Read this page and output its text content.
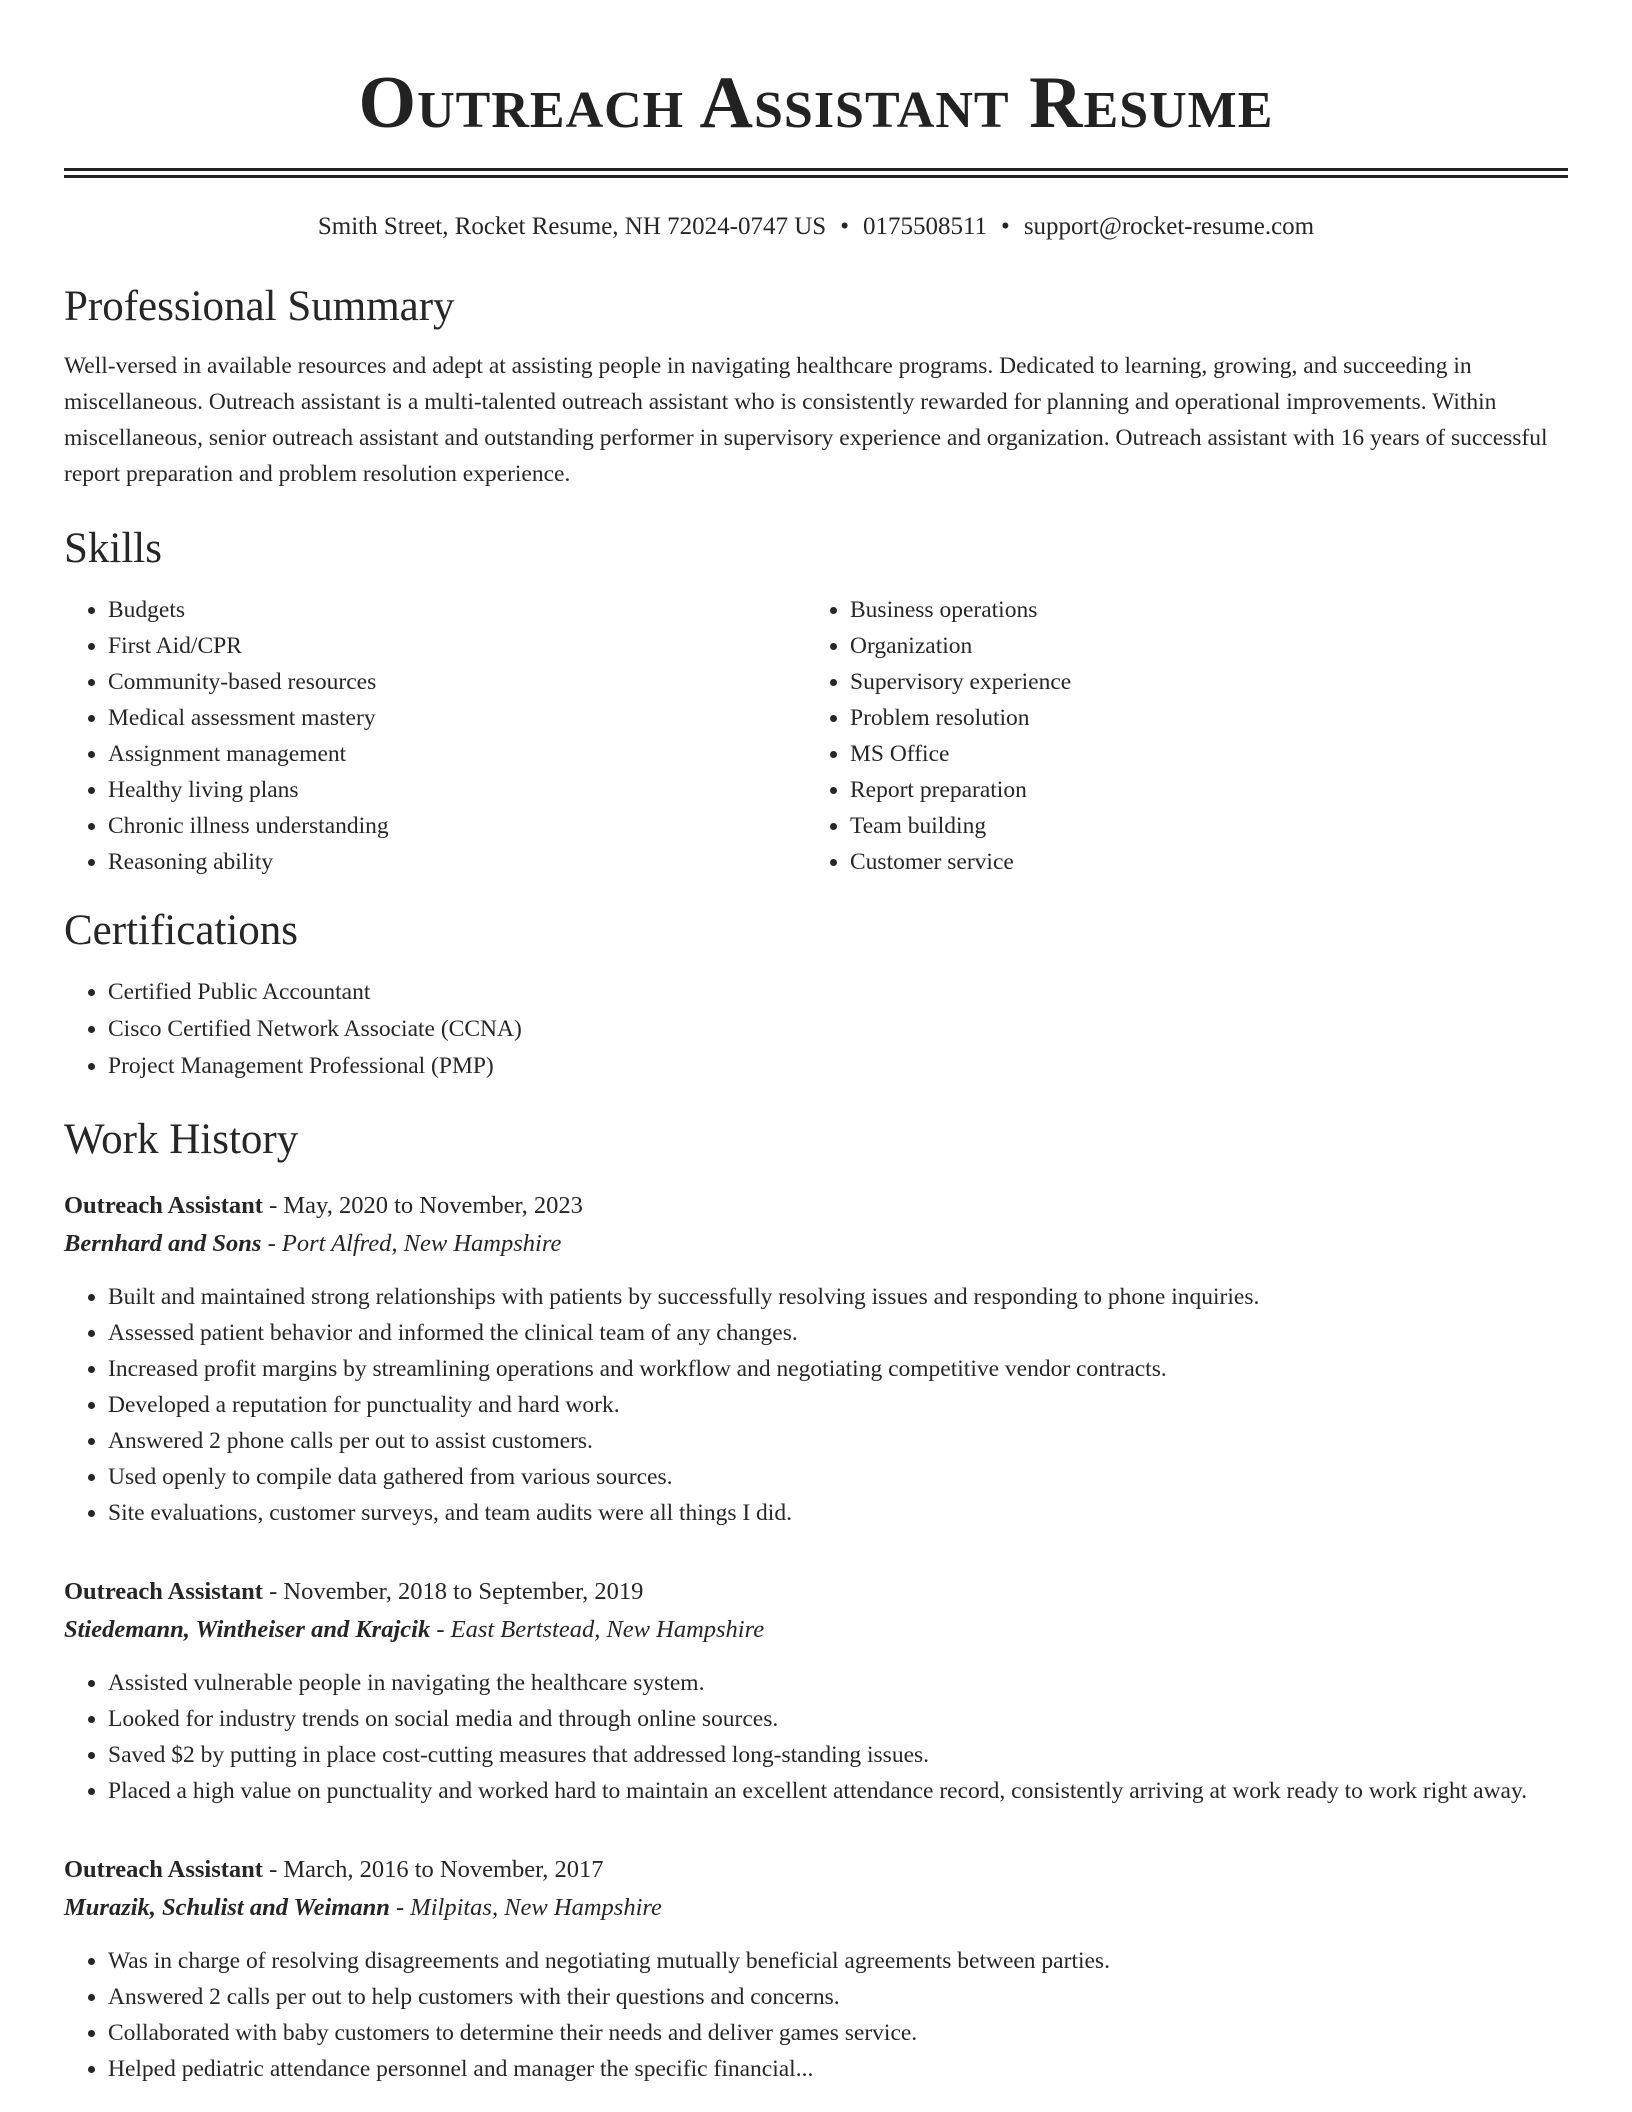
Outreach Assistant Resume
Smith Street, Rocket Resume, NH 72024-0747 US • 0175508511 • support@rocket-resume.com
Professional Summary

Well-versed in available resources and adept at assisting people in navigating healthcare programs. Dedicated to learning, growing, and succeeding in miscellaneous. Outreach assistant is a multi-talented outreach assistant who is consistently rewarded for planning and operational improvements. Within miscellaneous, senior outreach assistant and outstanding performer in supervisory experience and organization. Outreach assistant with 16 years of successful report preparation and problem resolution experience.

Skills
• Budgets
• First Aid/CPR
• Community-based resources
• Medical assessment mastery
• Assignment management
• Healthy living plans
• Chronic illness understanding
• Reasoning ability
• Business operations
• Organization
• Supervisory experience
• Problem resolution
• MS Office
• Report preparation
• Team building
• Customer service
Certifications
• Certified Public Accountant
• Cisco Certified Network Associate (CCNA)
• Project Management Professional (PMP)
Work History
Outreach Assistant - May, 2020 to November, 2023
Bernhard and Sons - Port Alfred, New Hampshire
• Built and maintained strong relationships with patients by successfully resolving issues and responding to phone inquiries.
• Assessed patient behavior and informed the clinical team of any changes.
• Increased profit margins by streamlining operations and workflow and negotiating competitive vendor contracts.
• Developed a reputation for punctuality and hard work.
• Answered 2 phone calls per out to assist customers.
• Used openly to compile data gathered from various sources.
• Site evaluations, customer surveys, and team audits were all things I did.
Outreach Assistant - November, 2018 to September, 2019
Stiedemann, Wintheiser and Krajcik - East Bertstead, New Hampshire
• Assisted vulnerable people in navigating the healthcare system.
• Looked for industry trends on social media and through online sources.
• Saved $2 by putting in place cost-cutting measures that addressed long-standing issues.
• Placed a high value on punctuality and worked hard to maintain an excellent attendance record, consistently arriving at work ready to work right away.
Outreach Assistant - March, 2016 to November, 2017
Murazik, Schulist and Weimann - Milpitas, New Hampshire
• Was in charge of resolving disagreements and negotiating mutually beneficial agreements between parties.
• Answered 2 calls per out to help customers with their questions and concerns.
• Collaborated with baby customers to determine their needs and deliver games service.
• Helped pediatric attendance personnel and manager the specific financial...
